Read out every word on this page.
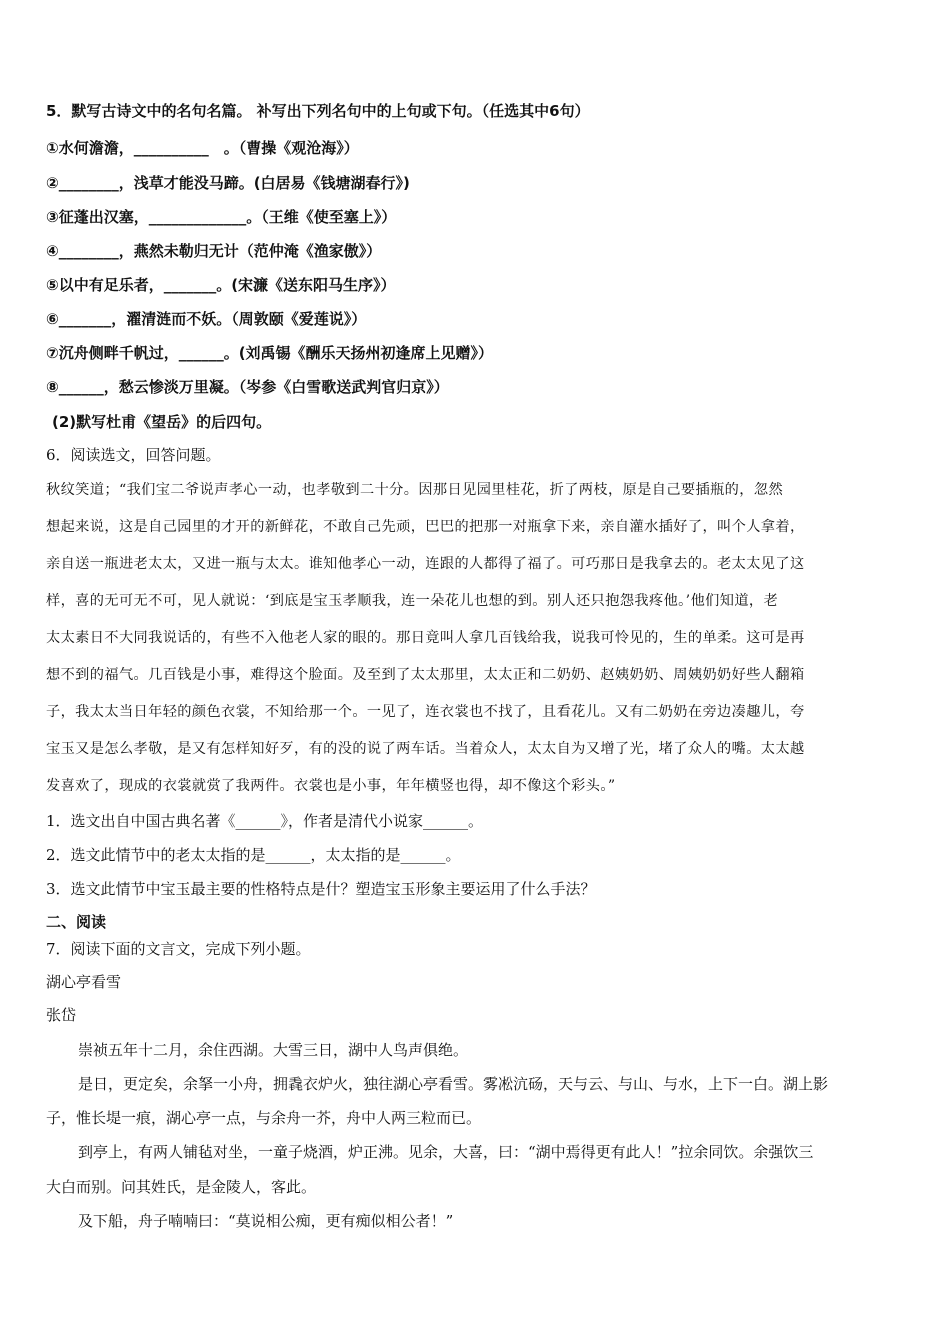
5．默写古诗文中的名句名篇。 补写出下列名句中的上句或下句。（任选其中6句）
①水何澹澹，__________　。（曹操《观沧海》）
②________，浅草才能没马蹄。(白居易《钱塘湖春行》)
③征蓬出汉塞，_____________。（王维《使至塞上》）
④________，燕然未勒归无计（范仲淹《渔家傲》）
⑤以中有足乐者，_______。(宋濂《送东阳马生序》）
⑥_______，濯清涟而不妖。（周敦颐《爱莲说》）
⑦沉舟侧畔千帆过，______。(刘禹锡《酬乐天扬州初逢席上见赠》）
⑧______，愁云惨淡万里凝。（岑参《白雪歌送武判官归京》）
(2)默写杜甫《望岳》的后四句。
6．阅读选文，回答问题。
秋纹笑道；“我们宝二爷说声孝心一动，也孝敬到二十分。因那日见园里桂花，折了两枝，原是自己要插瓶的，忽然
想起来说，这是自己园里的才开的新鲜花，不敢自己先顽，巴巴的把那一对瓶拿下来，亲自灌水插好了，叫个人拿着，
亲自送一瓶进老太太，又进一瓶与太太。谁知他孝心一动，连跟的人都得了福了。可巧那日是我拿去的。老太太见了这
样，喜的无可无不可，见人就说：‘到底是宝玉孝顺我，连一朵花儿也想的到。别人还只抱怨我疼他。’他们知道，老
太太素日不大同我说话的，有些不入他老人家的眼的。那日竟叫人拿几百钱给我，说我可怜见的，生的单柔。这可是再
想不到的福气。几百钱是小事，难得这个脸面。及至到了太太那里，太太正和二奶奶、赵姨奶奶、周姨奶奶好些人翻箱
子，我太太当日年轻的颜色衣裳，不知给那一个。一见了，连衣裳也不找了，且看花儿。又有二奶奶在旁边凑趣儿，夸
宝玉又是怎么孝敬，是又有怎样知好歹，有的没的说了两车话。当着众人，太太自为又增了光，堵了众人的嘴。太太越
发喜欢了，现成的衣裳就赏了我两件。衣裳也是小事，年年横竖也得，却不像这个彩头。”
1．选文出自中国古典名著《______》，作者是清代小说家______。
2．选文此情节中的老太太指的是______，太太指的是______。
3．选文此情节中宝玉最主要的性格特点是什？塑造宝玉形象主要运用了什么手法？
二、阅读
7．阅读下面的文言文，完成下列小题。
湖心亭看雪
张岱
崇祯五年十二月，余住西湖。大雪三日，湖中人鸟声俱绝。
是日，更定矣，余拏一小舟，拥毳衣炉火，独往湖心亭看雪。雾凇沆砀，天与云、与山、与水，上下一白。湖上影
子，惟长堤一痕，湖心亭一点，与余舟一芥，舟中人两三粒而已。
到亭上，有两人铺毡对坐，一童子烧酒，炉正沸。见余，大喜，曰：“湖中焉得更有此人！”拉余同饮。余强饮三
大白而别。问其姓氏，是金陵人，客此。
及下船，舟子喃喃曰：“莫说相公痴，更有痴似相公者！”
